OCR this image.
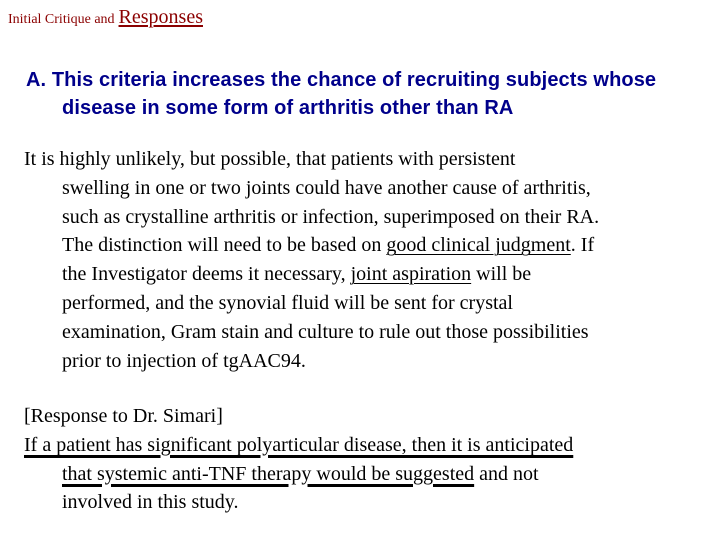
Initial Critique and Responses
A. This criteria increases the chance of recruiting subjects whose
disease in some form of arthritis other than RA
It is highly unlikely, but possible, that patients with persistent
swelling in one or two joints could have another cause of arthritis,
such as crystalline arthritis or infection, superimposed on their RA.
The distinction will need to be based on good clinical judgment. If
the Investigator deems it necessary, joint aspiration will be
performed, and the synovial fluid will be sent for crystal
examination, Gram stain and culture to rule out those possibilities
prior to injection of tgAAC94.
[Response to Dr. Simari]
If a patient has significant polyarticular disease, then it is anticipated
that systemic anti-TNF therapy would be suggested and not
involved in this study.
